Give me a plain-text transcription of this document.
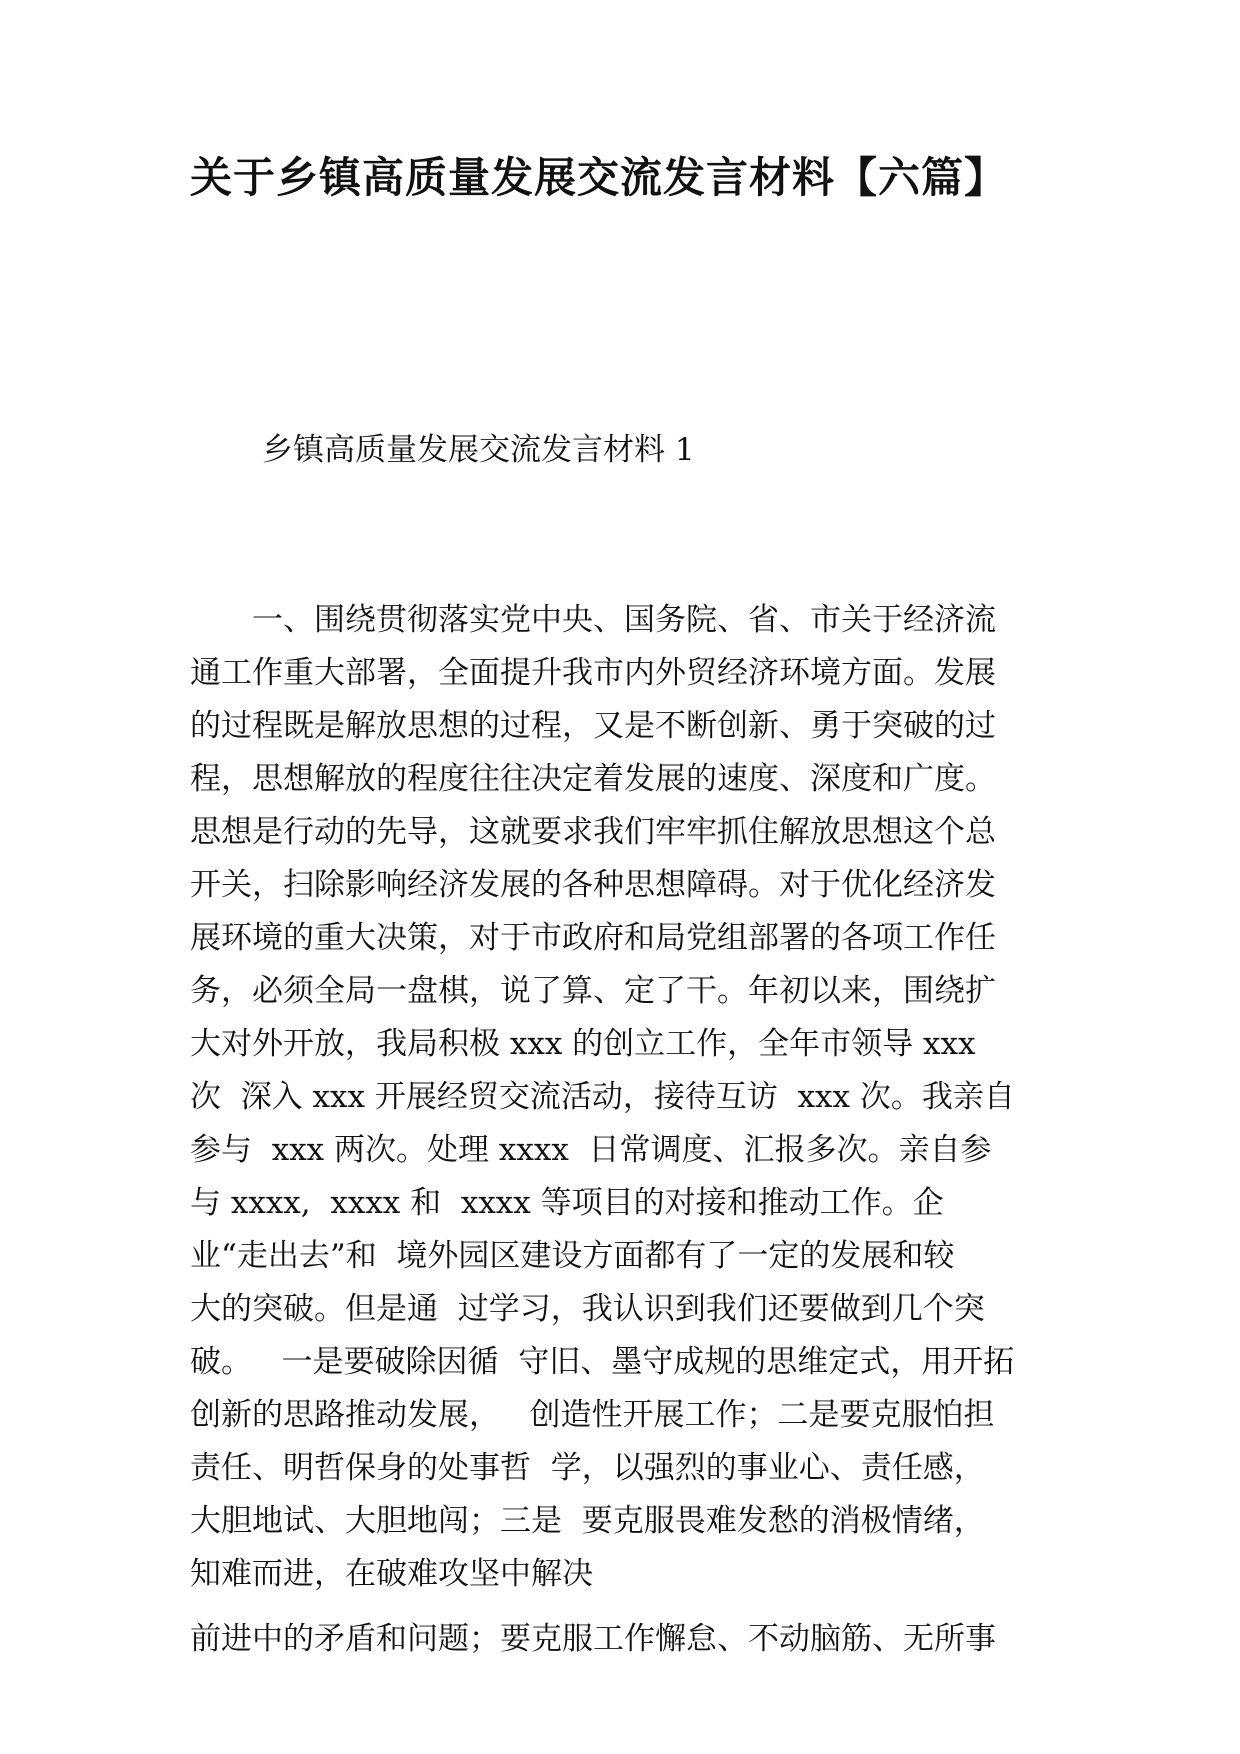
关于乡镇高质量发展交流发言材料【六篇】
乡镇高质量发展交流发言材料 1
　　一、围绕贯彻落实党中央、国务院、省、市关于经济流
通工作重大部署，全面提升我市内外贸经济环境方面。发展
的过程既是解放思想的过程，又是不断创新、勇于突破的过
程，思想解放的程度往往决定着发展的速度、深度和广度。
思想是行动的先导，这就要求我们牢牢抓住解放思想这个总
开关，扫除影响经济发展的各种思想障碍。对于优化经济发
展环境的重大决策，对于市政府和局党组部署的各项工作任
务，必须全局一盘棋，说了算、定了干。年初以来，围绕扩
大对外开放，我局积极 xxx 的创立工作，全年市领导 xxx
次  深入 xxx 开展经贸交流活动，接待互访  xxx 次。我亲自
参与  xxx 两次。处理 xxxx  日常调度、汇报多次。亲自参
与 xxxx,  xxxx 和  xxxx 等项目的对接和推动工作。企
业“走出去”和  境外园区建设方面都有了一定的发展和较
大的突破。但是通  过学习，我认识到我们还要做到几个突
破。   一是要破除因循  守旧、墨守成规的思维定式，用开拓
创新的思路推动发展，   创造性开展工作；二是要克服怕担
责任、明哲保身的处事哲  学，以强烈的事业心、责任感，
大胆地试、大胆地闯；三是  要克服畏难发愁的消极情绪，
知难而进，在破难攻坚中解决
前进中的矛盾和问题；要克服工作懈怠、不动脑筋、无所事
